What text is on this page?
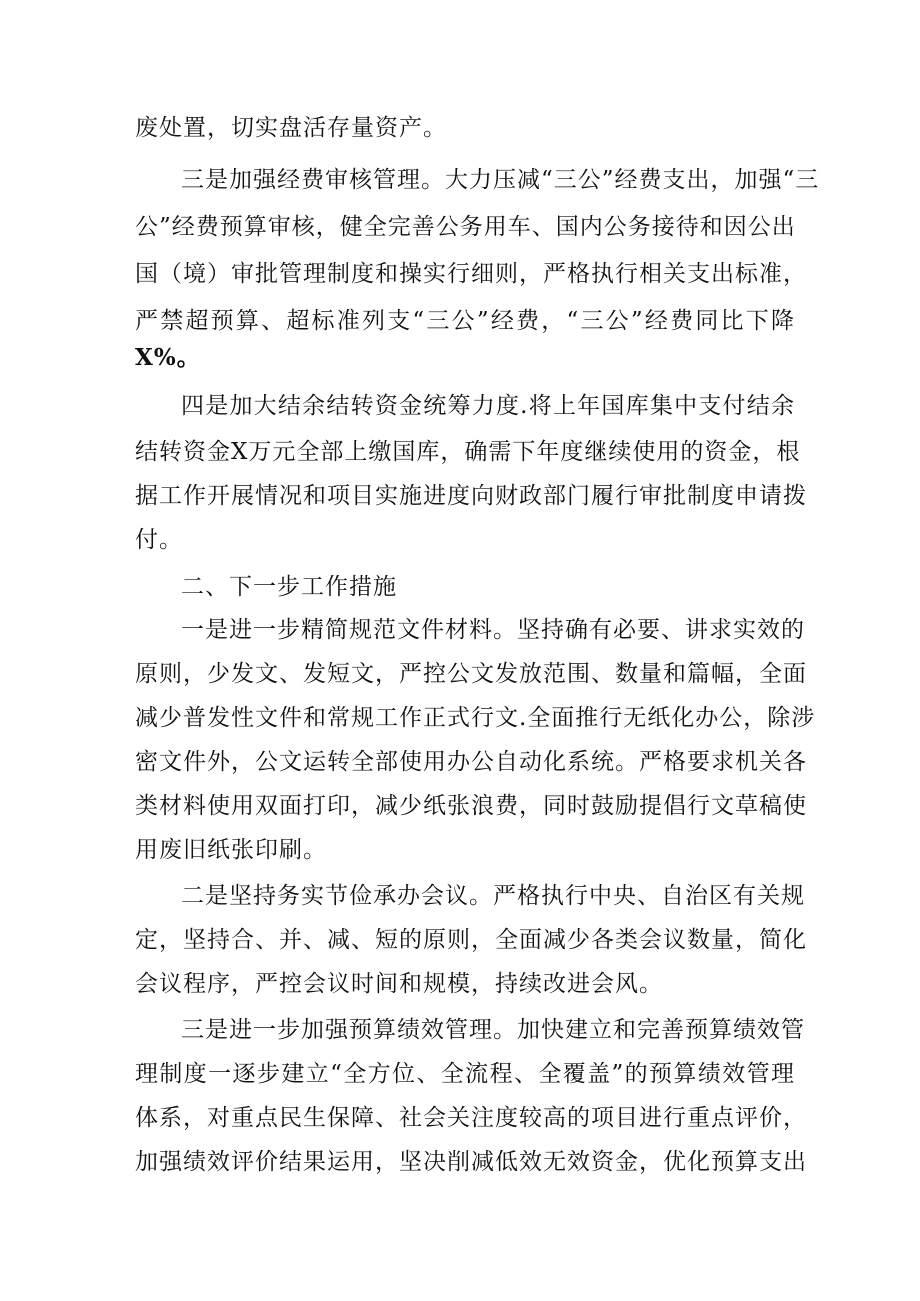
废处置，切实盘活存量资产。
三是加强经费审核管理。大力压减“三公”经费支出，加强“三
公”经费预算审核，健全完善公务用车、国内公务接待和因公出
国（境）审批管理制度和操实行细则，严格执行相关支出标准，
严禁超预算、超标准列支“三公”经费，“三公”经费同比下降
X%。
四是加大结余结转资金统筹力度.将上年国库集中支付结余
结转资金X万元全部上缴国库，确需下年度继续使用的资金，根
据工作开展情况和项目实施进度向财政部门履行审批制度申请拨
付。
二、下一步工作措施
一是进一步精简规范文件材料。坚持确有必要、讲求实效的
原则，少发文、发短文，严控公文发放范围、数量和篇幅，全面
减少普发性文件和常规工作正式行文.全面推行无纸化办公，除涉
密文件外，公文运转全部使用办公自动化系统。严格要求机关各
类材料使用双面打印，减少纸张浪费，同时鼓励提倡行文草稿使
用废旧纸张印刷。
二是坚持务实节俭承办会议。严格执行中央、自治区有关规
定，坚持合、并、减、短的原则，全面减少各类会议数量，简化
会议程序，严控会议时间和规模，持续改进会风。
三是进一步加强预算绩效管理。加快建立和完善预算绩效管
理制度一逐步建立“全方位、全流程、全覆盖”的预算绩效管理
体系，对重点民生保障、社会关注度较高的项目进行重点评价，
加强绩效评价结果运用，坚决削减低效无效资金，优化预算支出
